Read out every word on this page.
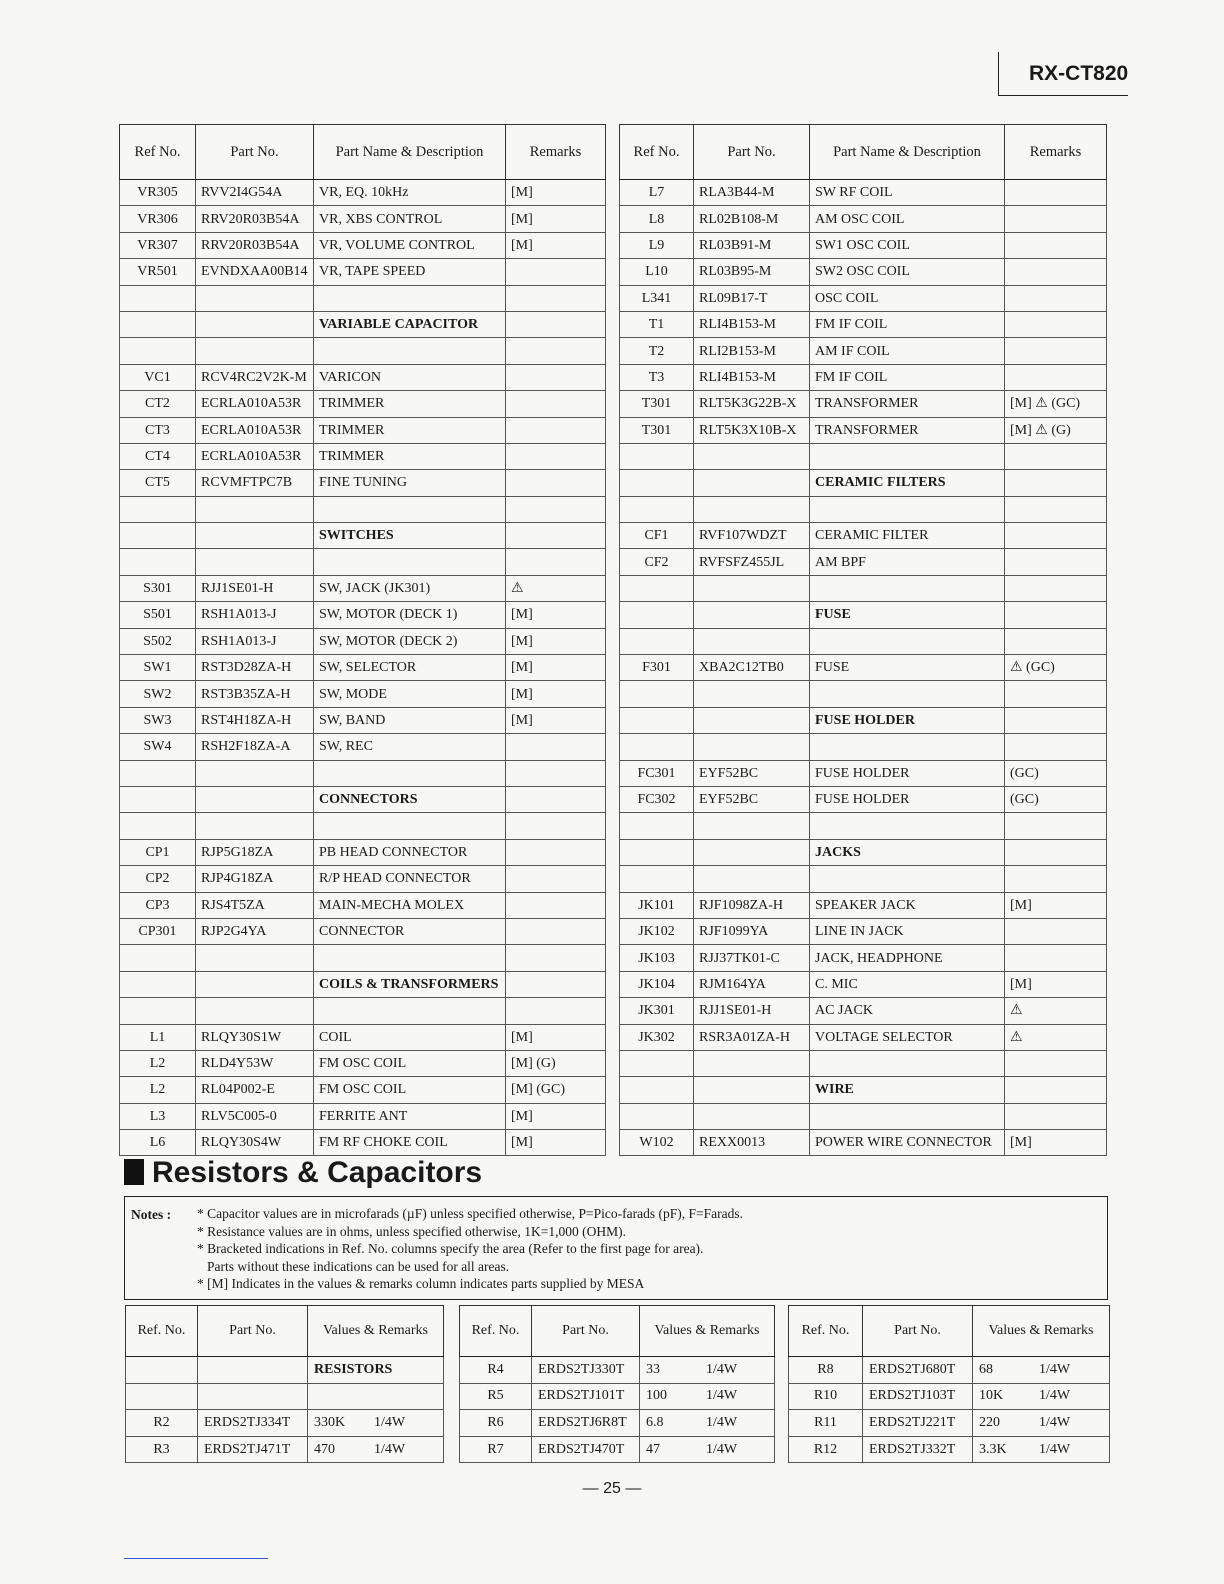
RX-CT820
Ref No.	Part No.	Part Name & Description	Remarks
VR305	RVV2I4G54A	VR, EQ. 10kHz	[M]
VR306	RRV20R03B54A	VR, XBS CONTROL	[M]
VR307	RRV20R03B54A	VR, VOLUME CONTROL	[M]
VR501	EVNDXAA00B14	VR, TAPE SPEED	

		VARIABLE CAPACITOR	

VC1	RCV4RC2V2K-M	VARICON	
CT2	ECRLA010A53R	TRIMMER	
CT3	ECRLA010A53R	TRIMMER	
CT4	ECRLA010A53R	TRIMMER	
CT5	RCVMFTPC7B	FINE TUNING	

		SWITCHES	

S301	RJJ1SE01-H	SW, JACK (JK301)	⚠
S501	RSH1A013-J	SW, MOTOR (DECK 1)	[M]
S502	RSH1A013-J	SW, MOTOR (DECK 2)	[M]
SW1	RST3D28ZA-H	SW, SELECTOR	[M]
SW2	RST3B35ZA-H	SW, MODE	[M]
SW3	RST4H18ZA-H	SW, BAND	[M]
SW4	RSH2F18ZA-A	SW, REC	

		CONNECTORS	

CP1	RJP5G18ZA	PB HEAD CONNECTOR	
CP2	RJP4G18ZA	R/P HEAD CONNECTOR	
CP3	RJS4T5ZA	MAIN-MECHA MOLEX	
CP301	RJP2G4YA	CONNECTOR	

		COILS & TRANSFORMERS	

L1	RLQY30S1W	COIL	[M]
L2	RLD4Y53W	FM OSC COIL	[M] (G)
L2	RL04P002-E	FM OSC COIL	[M] (GC)
L3	RLV5C005-0	FERRITE ANT	[M]
L6	RLQY30S4W	FM RF CHOKE COIL	[M]
Ref No.	Part No.	Part Name & Description	Remarks
L7	RLA3B44-M	SW RF COIL	
L8	RL02B108-M	AM OSC COIL	
L9	RL03B91-M	SW1 OSC COIL	
L10	RL03B95-M	SW2 OSC COIL	
L341	RL09B17-T	OSC COIL	
T1	RLI4B153-M	FM IF COIL	
T2	RLI2B153-M	AM IF COIL	
T3	RLI4B153-M	FM IF COIL	
T301	RLT5K3G22B-X	TRANSFORMER	[M] ⚠ (GC)
T301	RLT5K3X10B-X	TRANSFORMER	[M] ⚠ (G)

		CERAMIC FILTERS	

CF1	RVF107WDZT	CERAMIC FILTER	
CF2	RVFSFZ455JL	AM BPF	

		FUSE	

F301	XBA2C12TB0	FUSE	⚠ (GC)

		FUSE HOLDER	

FC301	EYF52BC	FUSE HOLDER	(GC)
FC302	EYF52BC	FUSE HOLDER	(GC)

		JACKS	

JK101	RJF1098ZA-H	SPEAKER JACK	[M]
JK102	RJF1099YA	LINE IN JACK	
JK103	RJJ37TK01-C	JACK, HEADPHONE	
JK104	RJM164YA	C. MIC	[M]
JK301	RJJ1SE01-H	AC JACK	⚠
JK302	RSR3A01ZA-H	VOLTAGE SELECTOR	⚠

		WIRE	

W102	REXX0013	POWER WIRE CONNECTOR	[M]
Resistors & Capacitors
Notes : * Capacitor values are in microfarads (µF) unless specified otherwise, P=Pico-farads (pF), F=Farads.
* Resistance values are in ohms, unless specified otherwise, 1K=1,000 (OHM).
* Bracketed indications in Ref. No. columns specify the area (Refer to the first page for area).
Parts without these indications can be used for all areas.
* [M] Indicates in the values & remarks column indicates parts supplied by MESA
Ref. No.	Part No.	Values & Remarks
		RESISTORS

R2	ERDS2TJ334T	330K 1/4W
R3	ERDS2TJ471T	470 1/4W
Ref. No.	Part No.	Values & Remarks
R4	ERDS2TJ330T	33 1/4W
R5	ERDS2TJ101T	100 1/4W
R6	ERDS2TJ6R8T	6.8 1/4W
R7	ERDS2TJ470T	47 1/4W
Ref. No.	Part No.	Values & Remarks
R8	ERDS2TJ680T	68 1/4W
R10	ERDS2TJ103T	10K 1/4W
R11	ERDS2TJ221T	220 1/4W
R12	ERDS2TJ332T	3.3K 1/4W
— 25 —
